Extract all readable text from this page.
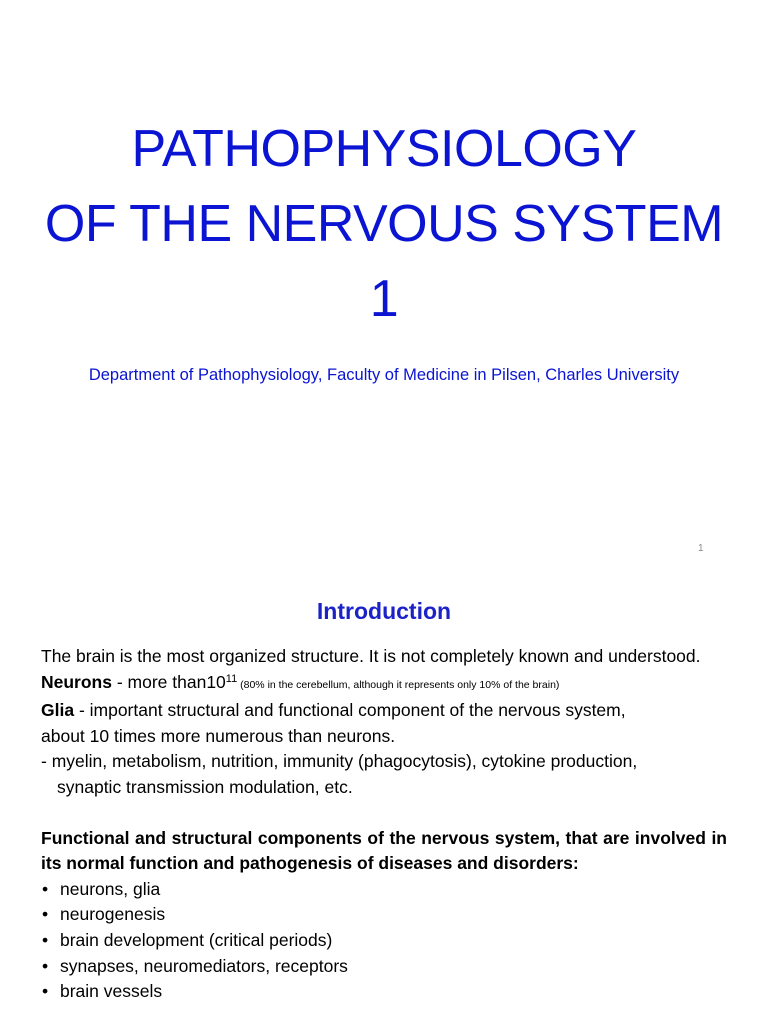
PATHOPHYSIOLOGY
OF THE NERVOUS SYSTEM
1
Department of Pathophysiology, Faculty of Medicine in Pilsen, Charles University
1
Introduction
The brain is the most organized structure. It is not completely known and understood.
Neurons - more $than10^{11}$ (80% in the cerebellum, although it represents only 10% of the brain)
Glia - important structural and functional component of the nervous system,
about 10 times more numerous than neurons.
- myelin, metabolism, nutrition, immunity (phagocytosis), cytokine production,
synaptic transmission modulation, etc.
Functional and structural components of the nervous system, that are involved in its normal function and pathogenesis of diseases and disorders:
• neurons, glia
• neurogenesis
• brain development (critical periods)
• synapses, neuromediators, receptors
• brain vessels
